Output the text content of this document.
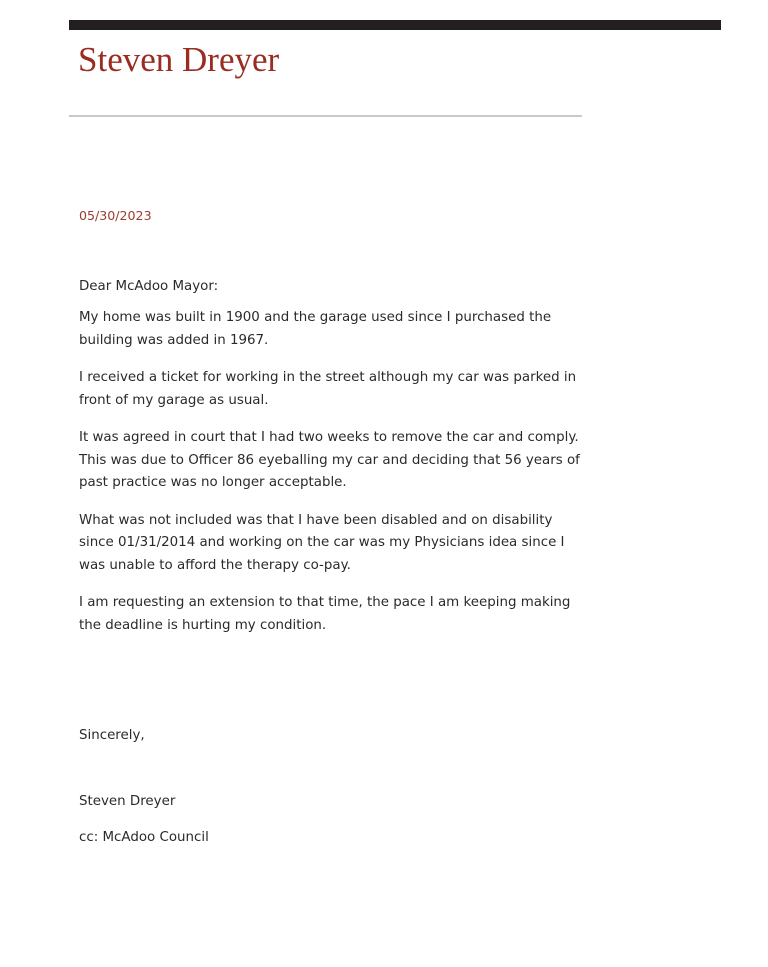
Steven Dreyer

05/30/2023

Dear McAdoo Mayor:

My home was built in 1900 and the garage used since I purchased the building was added in 1967.

I received a ticket for working in the street although my car was parked in front of my garage as usual.

It was agreed in court that I had two weeks to remove the car and comply. This was due to Officer 86 eyeballing my car and deciding that 56 years of past practice was no longer acceptable.

What was not included was that I have been disabled and on disability since 01/31/2014 and working on the car was my Physicians idea since I was unable to afford the therapy co-pay.

I am requesting an extension to that time, the pace I am keeping making the deadline is hurting my condition.

Sincerely,

Steven Dreyer

cc: McAdoo Council
